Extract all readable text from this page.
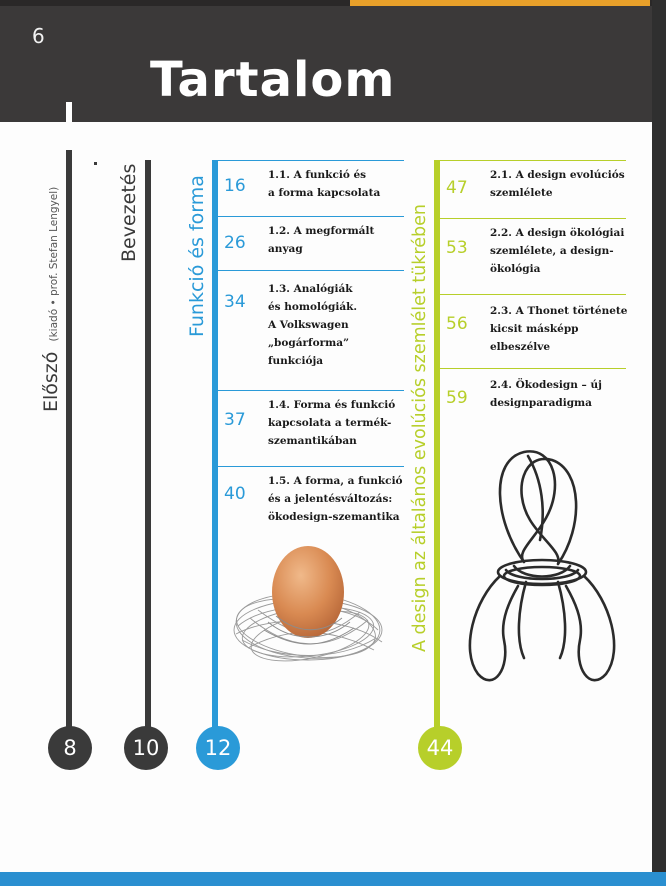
6
Tartalom
Előszó (kiadó • prof. Stefan Lengyel)
8
Bevezetés
10
Funkció és forma
12
16
1.1. A funkció és
a forma kapcsolata
26
1.2. A megformált
anyag
34
1.3. Analógiák
és homológiák.
A Volkswagen
„bogárforma”
funkciója
37
1.4. Forma és funkció
kapcsolata a termék-
szemantikában
40
1.5. A forma, a funkció
és a jelentésváltozás:
ökodesign-szemantika A design az általános evolúciós szemlélet tükrében
44
47
2.1. A design evolúciós
szemlélete
53
2.2. A design ökológiai
szemlélete, a design-
ökológia
56
2.3. A Thonet története
kicsit másképp
elbeszélve
59
2.4. Ökodesign – új
designparadigma
